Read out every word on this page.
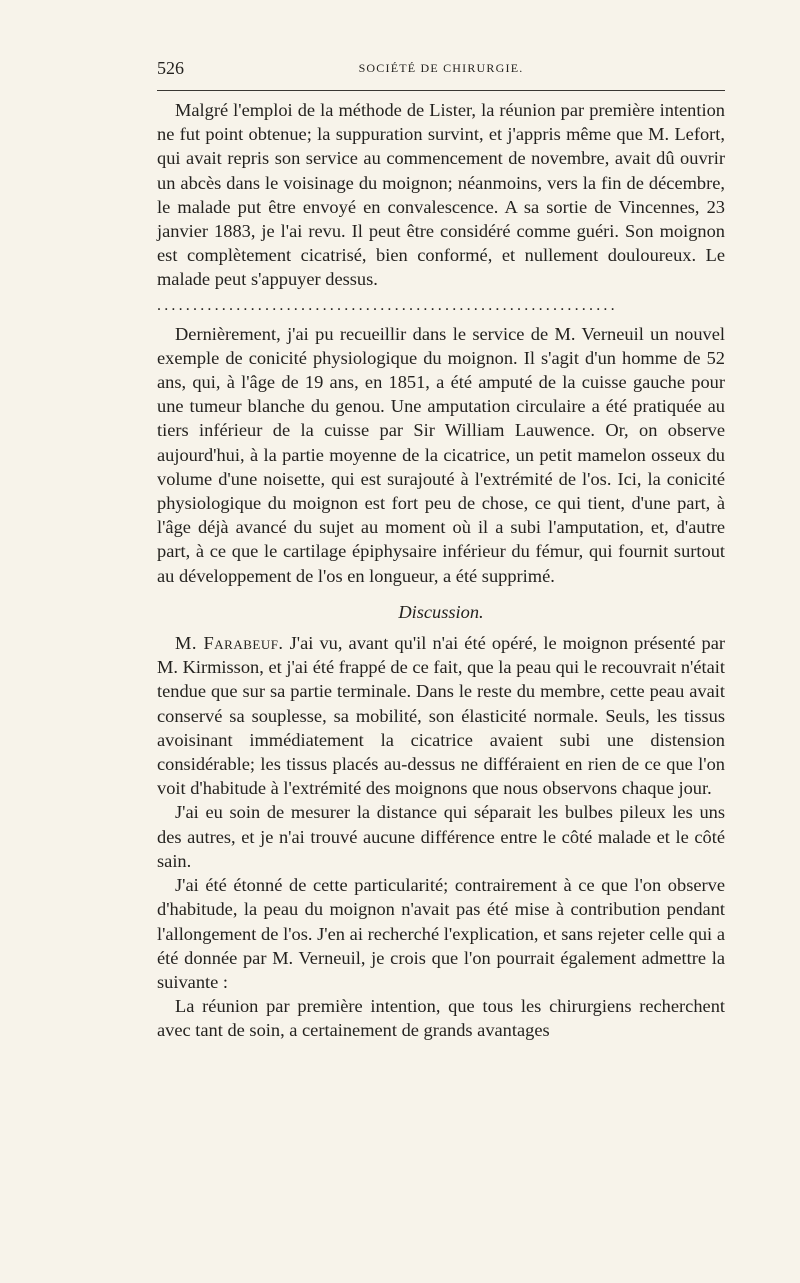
526	SOCIÉTÉ DE CHIRURGIE.

Malgré l'emploi de la méthode de Lister, la réunion par première intention ne fut point obtenue; la suppuration survint, et j'appris même que M. Lefort, qui avait repris son service au commencement de novembre, avait dû ouvrir un abcès dans le voisinage du moignon; néanmoins, vers la fin de décembre, le malade put être envoyé en convalescence. A sa sortie de Vincennes, 23 janvier 1883, je l'ai revu. Il peut être considéré comme guéri. Son moignon est complètement cicatrisé, bien conformé, et nullement douloureux. Le malade peut s'appuyer dessus.

................................................................

Dernièrement, j'ai pu recueillir dans le service de M. Verneuil un nouvel exemple de conicité physiologique du moignon. Il s'agit d'un homme de 52 ans, qui, à l'âge de 19 ans, en 1851, a été amputé de la cuisse gauche pour une tumeur blanche du genou. Une amputation circulaire a été pratiquée au tiers inférieur de la cuisse par Sir William Lauwence. Or, on observe aujourd'hui, à la partie moyenne de la cicatrice, un petit mamelon osseux du volume d'une noisette, qui est surajouté à l'extrémité de l'os. Ici, la conicité physiologique du moignon est fort peu de chose, ce qui tient, d'une part, à l'âge déjà avancé du sujet au moment où il a subi l'amputation, et, d'autre part, à ce que le cartilage épiphysaire inférieur du fémur, qui fournit surtout au développement de l'os en longueur, a été supprimé.

Discussion.

M. Farabeuf. J'ai vu, avant qu'il n'ai été opéré, le moignon présenté par M. Kirmisson, et j'ai été frappé de ce fait, que la peau qui le recouvrait n'était tendue que sur sa partie terminale. Dans le reste du membre, cette peau avait conservé sa souplesse, sa mobilité, son élasticité normale. Seuls, les tissus avoisinant immédiatement la cicatrice avaient subi une distension considérable; les tissus placés au-dessus ne différaient en rien de ce que l'on voit d'habitude à l'extrémité des moignons que nous observons chaque jour.

J'ai eu soin de mesurer la distance qui séparait les bulbes pileux les uns des autres, et je n'ai trouvé aucune différence entre le côté malade et le côté sain.

J'ai été étonné de cette particularité; contrairement à ce que l'on observe d'habitude, la peau du moignon n'avait pas été mise à contribution pendant l'allongement de l'os. J'en ai recherché l'explication, et sans rejeter celle qui a été donnée par M. Verneuil, je crois que l'on pourrait également admettre la suivante :

La réunion par première intention, que tous les chirurgiens recherchent avec tant de soin, a certainement de grands avantages
